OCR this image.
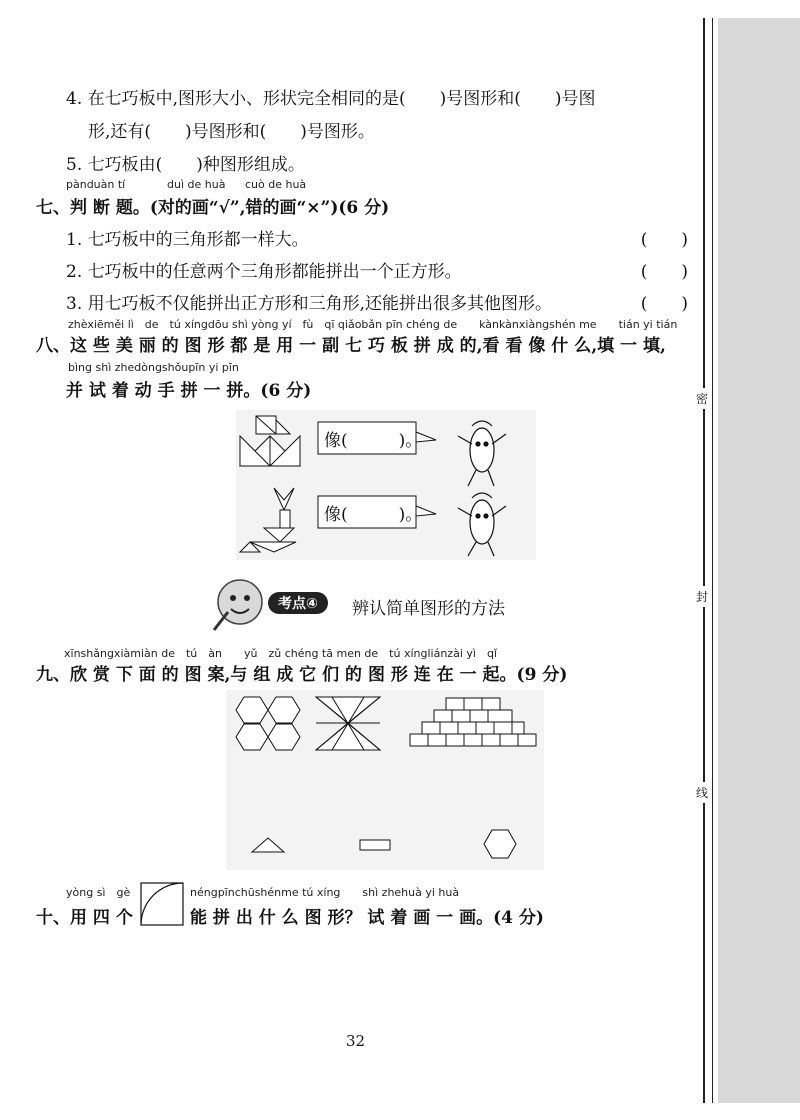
密
封
线
4. 在七巧板中,图形大小、形状完全相同的是(　　)号图形和(　　)号图
形,还有(　　)号图形和(　　)号图形。
5. 七巧板由(　　)种图形组成。
pànduàn tí	duì de huà cuò de huà
七、判 断 题。(对的画“√”,错的画“×”)(6 分)
1. 七巧板中的三角形都一样大。	(　　)
2. 七巧板中的任意两个三角形都能拼出一个正方形。	(　　)
3. 用七巧板不仅能拼出正方形和三角形,还能拼出很多其他图形。	(　　)
zhèxiēměi lì　de　tú xíngdōu shì yòng yí　fù　qī qiǎobǎn pīn chéng de　　kànkànxiàngshén me　　tián yi tián
八、这 些 美 丽 的 图 形 都 是 用 一 副 七 巧 板 拼 成 的,看 看 像 什 么,填 一 填,
bìng shì zhedòngshǒupīn yi pīn
并 试 着 动 手 拼 一 拼。(6 分)
像(　　　)。
像(　　　)。
考点④	辨认简单图形的方法
xīnshǎngxiàmiàn de　tú　àn　　yǔ　zǔ chéng tā men de　tú xíngliánzài yì　qǐ
九、欣 赏 下 面 的 图 案,与 组 成 它 们 的 图 形 连 在 一 起。(9 分)
yòng sì　gè	néngpīnchūshénme tú xíng　　shì zhehuà yi huà
十、用 四 个	能 拼 出 什 么 图 形？ 试 着 画 一 画。(4 分)
32
